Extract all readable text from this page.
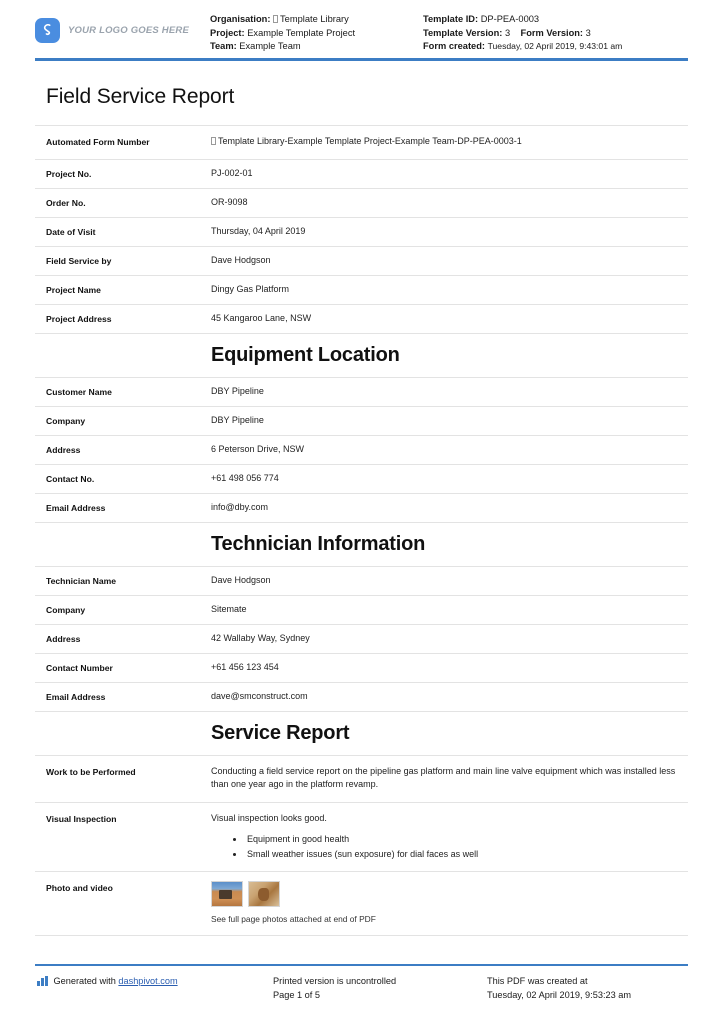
YOUR LOGO GOES HERE
Organisation: Template Library
Project: Example Template Project
Team: Example Team
Template ID: DP-PEA-0003
Template Version: 3 Form Version: 3
Form created: Tuesday, 02 April 2019, 9:43:01 am
Field Service Report
Automated Form Number	Template Library-Example Template Project-Example Team-DP-PEA-0003-1
Project No.	PJ-002-01
Order No.	OR-9098
Date of Visit	Thursday, 04 April 2019
Field Service by	Dave Hodgson
Project Name	Dingy Gas Platform
Project Address	45 Kangaroo Lane, NSW
Equipment Location
Customer Name	DBY Pipeline
Company	DBY Pipeline
Address	6 Peterson Drive, NSW
Contact No.	+61 498 056 774
Email Address	info@dby.com
Technician Information
Technician Name	Dave Hodgson
Company	Sitemate
Address	42 Wallaby Way, Sydney
Contact Number	+61 456 123 454
Email Address	dave@smconstruct.com
Service Report
Work to be Performed	Conducting a field service report on the pipeline gas platform and main line valve equipment which was installed less than one year ago in the platform revamp.
Visual Inspection	Visual inspection looks good.
• Equipment in good health
• Small weather issues (sun exposure) for dial faces as well
Photo and video
See full page photos attached at end of PDF
Generated with
dashpivot.com	Printed version is uncontrolled
Page 1 of 5
This PDF was created at
Tuesday, 02 April 2019, 9:53:23 am
